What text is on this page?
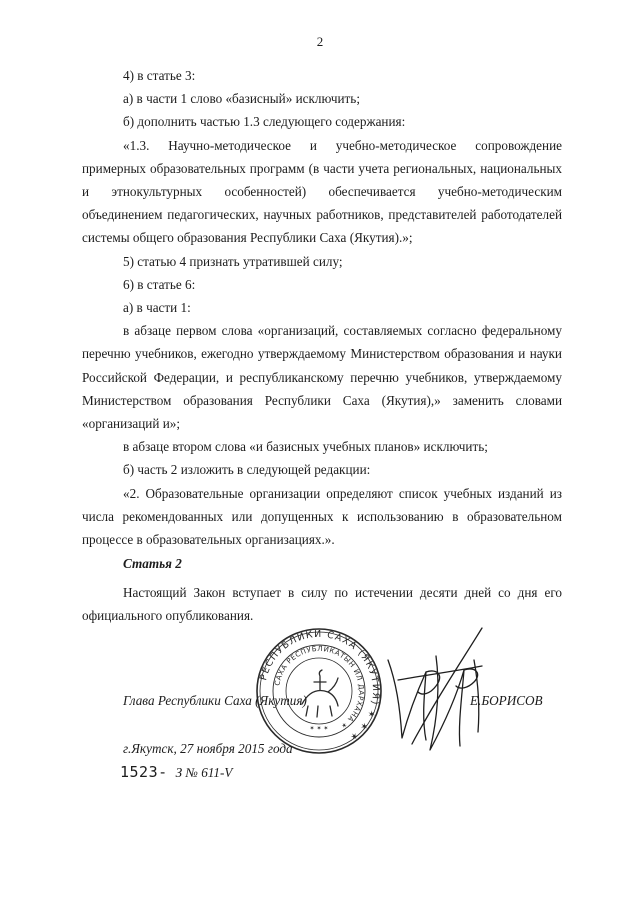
2

4) в статье 3:

а) в части 1 слово «базисный» исключить;

б) дополнить частью 1.3 следующего содержания:

«1.3. Научно-методическое и учебно-методическое сопровождение примерных образовательных программ (в части учета региональных, национальных и этнокультурных особенностей) обеспечивается учебно-методическим объединением педагогических, научных работников, представителей работодателей системы общего образования Республики Саха (Якутия).»;

5) статью 4 признать утратившей силу;

6) в статье 6:

а) в части 1:

в абзаце первом слова «организаций, составляемых согласно федеральному перечню учебников, ежегодно утверждаемому Министерством образования и науки Российской Федерации, и республиканскому перечню учебников, утверждаемому Министерством образования Республики Саха (Якутия),» заменить словами «организаций и»;

в абзаце втором слова «и базисных учебных планов» исключить;

б) часть 2 изложить в следующей редакции:

«2. Образовательные организации определяют список учебных изданий из числа рекомендованных или допущенных к использованию в образовательном процессе в образовательных организациях.».

Статья 2

Настоящий Закон вступает в силу по истечении десяти дней со дня его официального опубликования.

РЕСПУБЛИКИ САХА (ЯКУТИЯ) ✶ ✶ ✶
САХА РЕСПУБЛИКАТЫН ИЛ ДАРХАНА ✶
✶ ✶ ✶

Глава Республики Саха (Якутия)	Е.БОРИСОВ

г.Якутск, 27 ноября 2015 года

1523- З № 611-V
